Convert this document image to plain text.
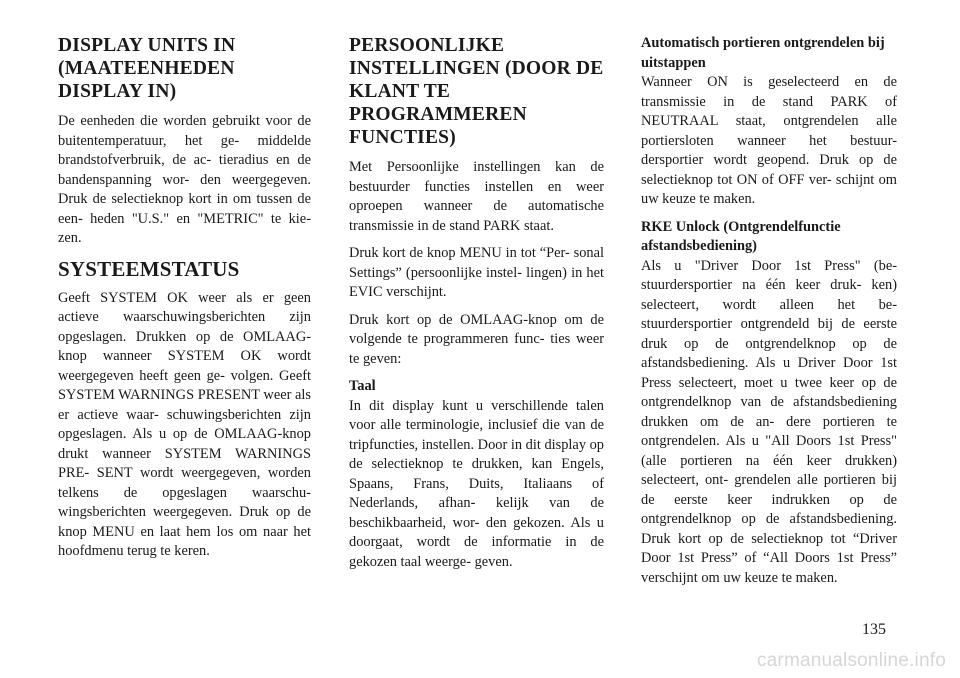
DISPLAY UNITS IN (MAATEENHEDEN DISPLAY IN)

De eenheden die worden gebruikt voor de buitentemperatuur, het ge- middelde brandstofverbruik, de ac- tieradius en de bandenspanning wor- den weergegeven. Druk de selectieknop kort in om tussen de een- heden "U.S." en "METRIC" te kie- zen.

SYSTEEMSTATUS

Geeft SYSTEM OK weer als er geen actieve waarschuwingsberichten zijn opgeslagen. Drukken op de OMLAAG-knop wanneer SYSTEM OK wordt weergegeven heeft geen ge- volgen. Geeft SYSTEM WARNINGS PRESENT weer als er actieve waar- schuwingsberichten zijn opgeslagen. Als u op de OMLAAG-knop drukt wanneer SYSTEM WARNINGS PRE- SENT wordt weergegeven, worden telkens de opgeslagen waarschu- wingsberichten weergegeven. Druk op de knop MENU en laat hem los om naar het hoofdmenu terug te keren.

PERSOONLIJKE INSTELLINGEN (DOOR DE KLANT TE PROGRAMMEREN FUNCTIES)

Met Persoonlijke instellingen kan de bestuurder functies instellen en weer oproepen wanneer de automatische transmissie in de stand PARK staat.

Druk kort de knop MENU in tot “Per- sonal Settings” (persoonlijke instel- lingen) in het EVIC verschijnt.

Druk kort op de OMLAAG-knop om de volgende te programmeren func- ties weer te geven:

Taal

In dit display kunt u verschillende talen voor alle terminologie, inclusief die van de tripfuncties, instellen. Door in dit display op de selectieknop te drukken, kan Engels, Spaans, Frans, Duits, Italiaans of Nederlands, afhan- kelijk van de beschikbaarheid, wor- den gekozen. Als u doorgaat, wordt de informatie in de gekozen taal weerge- geven.

Automatisch portieren ontgrendelen bij uitstappen

Wanneer ON is geselecteerd en de transmissie in de stand PARK of NEUTRAAL staat, ontgrendelen alle portiersloten wanneer het bestuur- dersportier wordt geopend. Druk op de selectieknop tot ON of OFF ver- schijnt om uw keuze te maken.

RKE Unlock (Ontgrendelfunctie afstandsbediening)

Als u "Driver Door 1st Press" (be- stuurdersportier na één keer druk- ken) selecteert, wordt alleen het be- stuurdersportier ontgrendeld bij de eerste druk op de ontgrendelknop op de afstandsbediening. Als u Driver Door 1st Press selecteert, moet u twee keer op de ontgrendelknop van de afstandsbediening drukken om de an- dere portieren te ontgrendelen. Als u "All Doors 1st Press" (alle portieren na één keer drukken) selecteert, ont- grendelen alle portieren bij de eerste keer indrukken op de ontgrendelknop op de afstandsbediening. Druk kort op de selectieknop tot “Driver Door 1st Press” of “All Doors 1st Press” verschijnt om uw keuze te maken.

135
carmanualsonline.info
